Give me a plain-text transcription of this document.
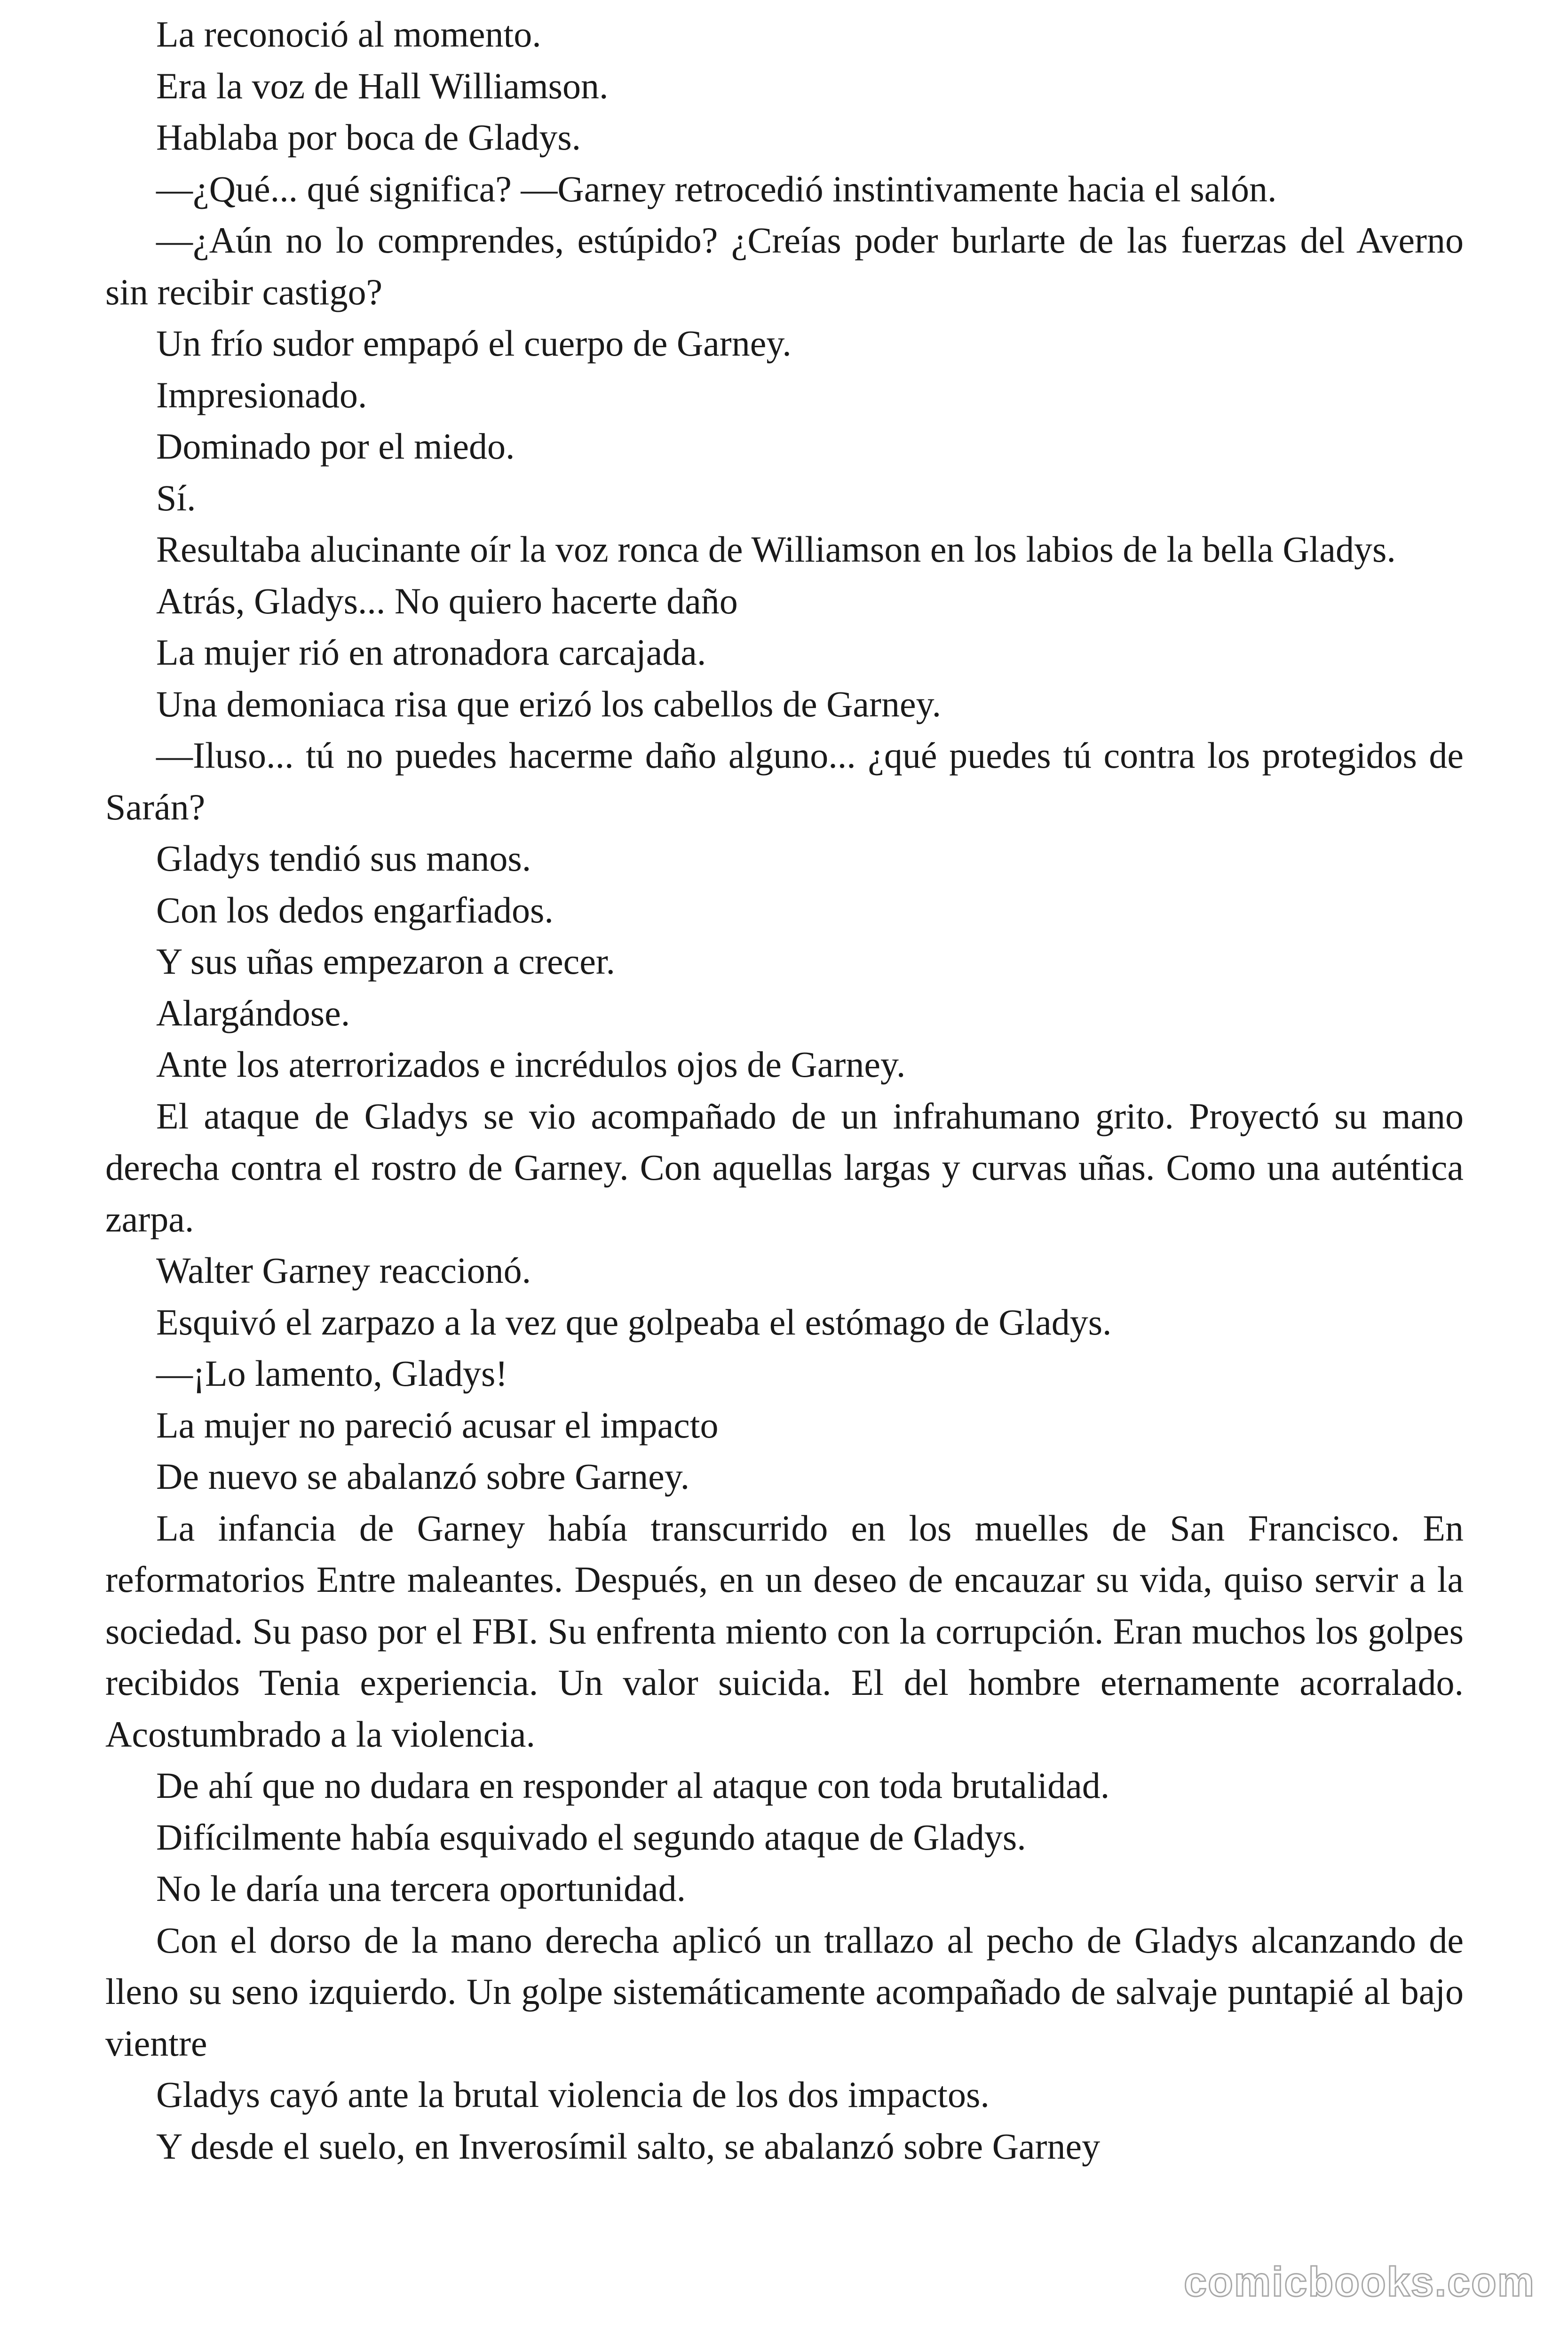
La reconoció al momento.

Era la voz de Hall Williamson.

Hablaba por boca de Gladys.

—¿Qué... qué significa? —Garney retrocedió instintivamente hacia el salón.

—¿Aún no lo comprendes, estúpido? ¿Creías poder burlarte de las fuerzas del Averno sin recibir castigo?

Un frío sudor empapó el cuerpo de Garney.

Impresionado.

Dominado por el miedo.

Sí.

Resultaba alucinante oír la voz ronca de Williamson en los labios de la bella Gladys.

Atrás, Gladys... No quiero hacerte daño

La mujer rió en atronadora carcajada.

Una demoniaca risa que erizó los cabellos de Garney.

—Iluso... tú no puedes hacerme daño alguno... ¿qué puedes tú contra los protegidos de Sarán?

Gladys tendió sus manos.

Con los dedos engarfiados.

Y sus uñas empezaron a crecer.

Alargándose.

Ante los aterrorizados e incrédulos ojos de Garney.

El ataque de Gladys se vio acompañado de un infrahumano grito. Proyectó su mano derecha contra el rostro de Garney. Con aquellas largas y curvas uñas. Como una auténtica zarpa.

Walter Garney reaccionó.

Esquivó el zarpazo a la vez que golpeaba el estómago de Gladys.

—¡Lo lamento, Gladys!

La mujer no pareció acusar el impacto

De nuevo se abalanzó sobre Garney.

La infancia de Garney había transcurrido en los muelles de San Francisco. En reformatorios Entre maleantes. Después, en un deseo de encauzar su vida, quiso servir a la sociedad. Su paso por el FBI. Su enfrenta miento con la corrupción. Eran muchos los golpes recibidos Tenia experiencia. Un valor suicida. El del hombre eternamente acorralado. Acostumbrado a la violencia.

De ahí que no dudara en responder al ataque con toda brutalidad.

Difícilmente había esquivado el segundo ataque de Gladys.

No le daría una tercera oportunidad.

Con el dorso de la mano derecha aplicó un trallazo al pecho de Gladys alcanzando de lleno su seno izquierdo. Un golpe sistemáticamente acompañado de salvaje puntapié al bajo vientre

Gladys cayó ante la brutal violencia de los dos impactos.

Y desde el suelo, en Inverosímil salto, se abalanzó sobre Garney

comicbooks.com
